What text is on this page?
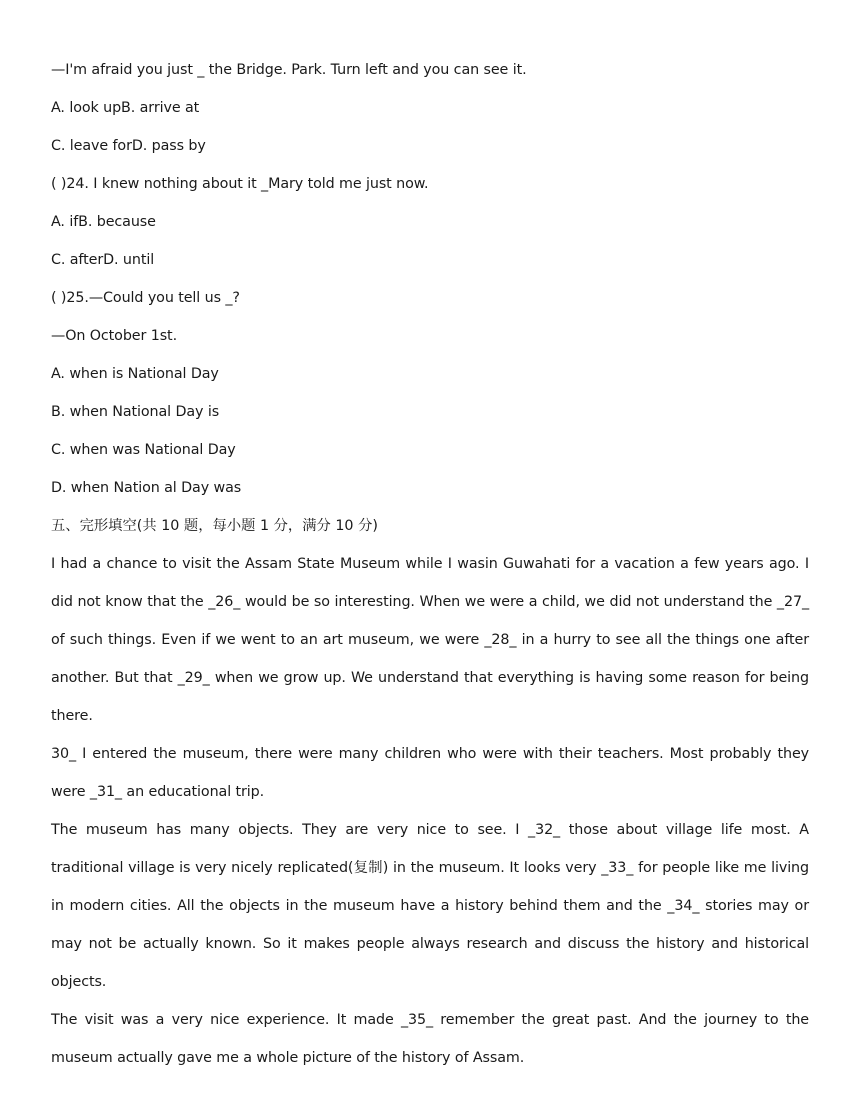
—I'm afraid you just _ the Bridge. Park. Turn left and you can see it.
A. look upB. arrive at
C. leave forD. pass by
( )24. I knew nothing about it _Mary told me just now.
A. ifB. because
C. afterD. until
( )25.—Could you tell us _?
—On October 1st.
A. when is National Day
B. when National Day is
C. when was National Day
D. when Nation al Day was
五、完形填空(共 10 题，每小题 1 分，满分 10 分)

I had a chance to visit the Assam State Museum while I wasin Guwahati for a vacation a few years ago. I did not know that the _26_ would be so interesting. When we were a child, we did not understand the _27_ of such things. Even if we went to an art museum, we were _28_ in a hurry to see all the things one after another. But that _29_ when we grow up. We understand that everything is having some reason for being there.

30_ I entered the museum, there were many children who were with their teachers. Most probably they were _31_ an educational trip.

The museum has many objects. They are very nice to see. I _32_ those about village life most. A traditional village is very nicely replicated(复制) in the museum. It looks very _33_ for people like me living in modern cities. All the objects in the museum have a history behind them and the _34_ stories may or may not be actually known. So it makes people always research and discuss the history and historical objects.

The visit was a very nice experience. It made _35_ remember the great past. And the journey to the museum actually gave me a whole picture of the history of Assam.
